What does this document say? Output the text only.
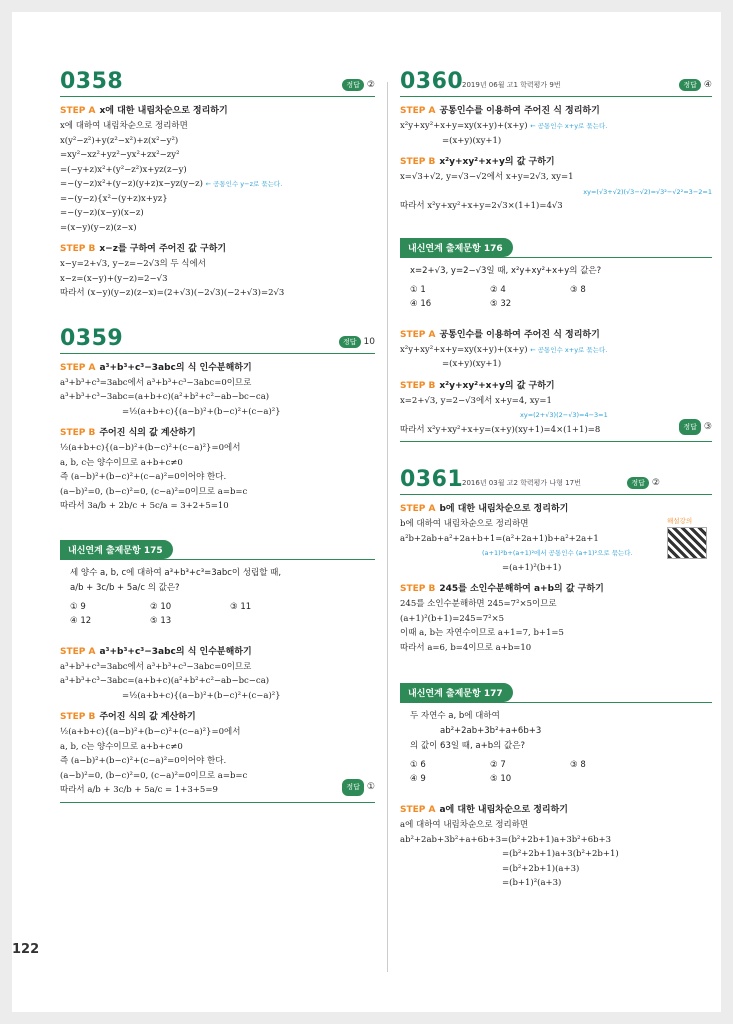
0358	정답 ②
STEP A x에 대한 내림차순으로 정리하기
x에 대하여 내림차순으로 정리하면
x(y²−z²)+y(z²−x²)+z(x²−y²)
=xy²−xz²+yz²−yx²+zx²−zy²
=(−y+z)x²+(y²−z²)x+yz(z−y)
=−(y−z)x²+(y−z)(y+z)x−yz(y−z) ← 공통인수 y−z로 묶는다.
=−(y−z){x²−(y+z)x+yz}
=−(y−z)(x−y)(x−z)
=(x−y)(y−z)(z−x)
STEP B x−z를 구하여 주어진 값 구하기
x−y=2+√3, y−z=−2√3의 두 식에서
x−z=(x−y)+(y−z)=2−√3
따라서 (x−y)(y−z)(z−x)=(2+√3)(−2√3)(−2+√3)=2√3
0359	정답 10
STEP A a³+b³+c³−3abc의 식 인수분해하기
a³+b³+c³=3abc에서 a³+b³+c³−3abc=0이므로
a³+b³+c³−3abc=(a+b+c)(a²+b²+c²−ab−bc−ca)
=½(a+b+c){(a−b)²+(b−c)²+(c−a)²}
STEP B 주어진 식의 값 계산하기
½(a+b+c){(a−b)²+(b−c)²+(c−a)²}=0에서
a, b, c는 양수이므로 a+b+c≠0
즉 (a−b)²+(b−c)²+(c−a)²=0이어야 한다.
(a−b)²=0, (b−c)²=0, (c−a)²=0이므로 a=b=c
따라서 3a/b + 2b/c + 5c/a = 3+2+5=10
내신연계 출제문항 175
세 양수 a, b, c에 대하여 a³+b³+c³=3abc이 성립할 때,
a/b + 3c/b + 5a/c 의 값은?
① 9	② 10	③ 11
④ 12	⑤ 13
STEP A a³+b³+c³−3abc의 식 인수분해하기
a³+b³+c³=3abc에서 a³+b³+c³−3abc=0이므로
a³+b³+c³−3abc=(a+b+c)(a²+b²+c²−ab−bc−ca)
=½(a+b+c){(a−b)²+(b−c)²+(c−a)²}
STEP B 주어진 식의 값 계산하기
½(a+b+c){(a−b)²+(b−c)²+(c−a)²}=0에서
a, b, c는 양수이므로 a+b+c≠0
즉 (a−b)²+(b−c)²+(c−a)²=0이어야 한다.
(a−b)²=0, (b−c)²=0, (c−a)²=0이므로 a=b=c
따라서 a/b + 3c/b + 5a/c = 1+3+5=9	정답 ①
0360
2019년 06월 고1 학력평가 9번	정답 ④
STEP A 공통인수를 이용하여 주어진 식 정리하기
x²y+xy²+x+y=xy(x+y)+(x+y) ← 공통인수 x+y로 묶는다.
=(x+y)(xy+1)
STEP B x²y+xy²+x+y의 값 구하기
x=√3+√2, y=√3−√2에서 x+y=2√3, xy=1
xy=(√3+√2)(√3−√2)=√3²−√2²=3−2=1
따라서 x²y+xy²+x+y=2√3×(1+1)=4√3
내신연계 출제문항 176
x=2+√3, y=2−√3일 때, x²y+xy²+x+y의 값은?
① 1	② 4	③ 8
④ 16	⑤ 32
STEP A 공통인수를 이용하여 주어진 식 정리하기
x²y+xy²+x+y=xy(x+y)+(x+y) ← 공통인수 x+y로 묶는다.
=(x+y)(xy+1)
STEP B x²y+xy²+x+y의 값 구하기
x=2+√3, y=2−√3에서 x+y=4, xy=1
xy=(2+√3)(2−√3)=4−3=1
따라서 x²y+xy²+x+y=(x+y)(xy+1)=4×(1+1)=8	정답 ③
0361
2016년 03월 고2 학력평가 나형 17번	정답 ②
STEP A b에 대한 내림차순으로 정리하기
b에 대하여 내림차순으로 정리하면
a²b+2ab+a²+2a+b+1=(a²+2a+1)b+a²+2a+1
(a+1)²b+(a+1)²에서 공통인수 (a+1)²으로 묶는다.
=(a+1)²(b+1)
STEP B 245를 소인수분해하여 a+b의 값 구하기
245를 소인수분해하면 245=7²×5이므로
(a+1)²(b+1)=245=7²×5
이때 a, b는 자연수이므로 a+1=7, b+1=5
따라서 a=6, b=4이므로 a+b=10
내신연계 출제문항 177
두 자연수 a, b에 대하여
ab²+2ab+3b²+a+6b+3
의 값이 63일 때, a+b의 값은?
① 6	② 7	③ 8
④ 9	⑤ 10
STEP A a에 대한 내림차순으로 정리하기
a에 대하여 내림차순으로 정리하면
ab²+2ab+3b²+a+6b+3=(b²+2b+1)a+3b²+6b+3
=(b²+2b+1)a+3(b²+2b+1)
=(b²+2b+1)(a+3)
=(b+1)²(a+3)
해설강의
122
